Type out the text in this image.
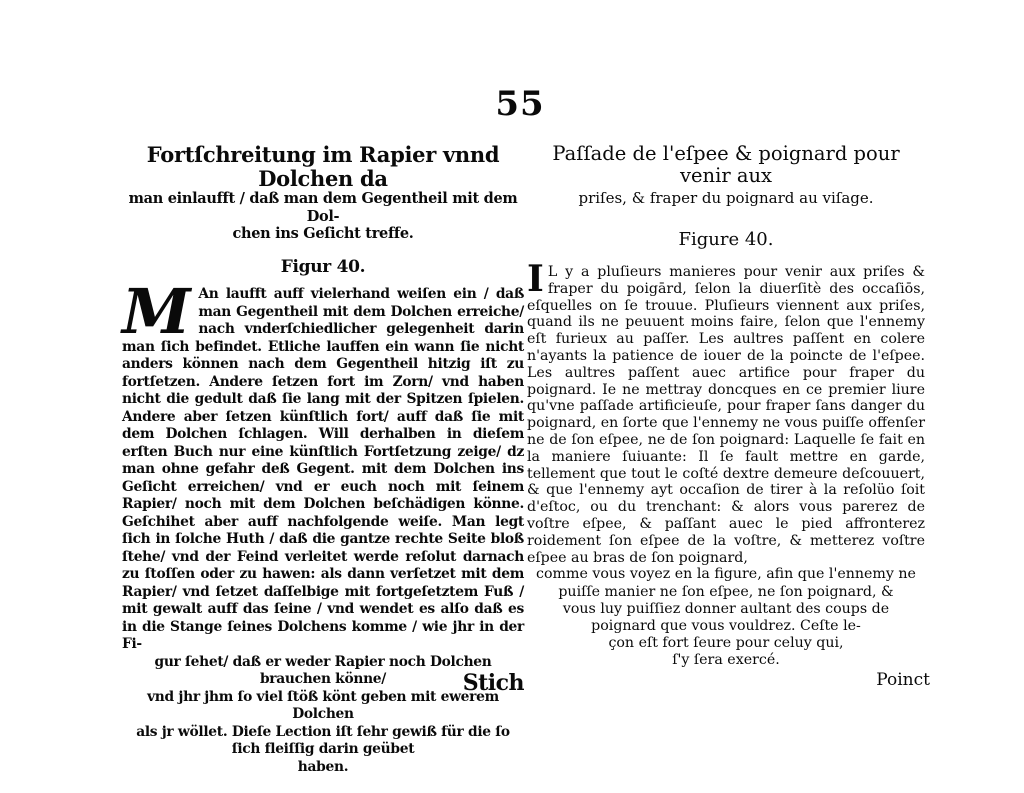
55
Fortſchreitung im Rapier vnnd Dolchen da
man einlaufft / daß man dem Gegentheil mit dem Dol-
chen ins Geſicht treffe.
Figur 40.
M An laufft auff vielerhand weiſen ein / daß man Gegentheil mit dem Dolchen erreiche/ nach vnderſchiedlicher gelegenheit darin man ſich befindet. Etliche lauffen ein wann ſie nicht anders können nach dem Gegentheil hitzig iſt zu fortſetzen. Andere ſetzen fort im Zorn/ vnd haben nicht die gedult daß ſie lang mit der Spitzen ſpielen. Andere aber ſetzen künſtlich fort/ auff daß ſie mit dem Dolchen ſchlagen. Will derhalben in dieſem erſten Buch nur eine künſtlich Fortſetzung zeige/ dz man ohne gefahr deß Gegent. mit dem Dolchen ins Geſicht erreichen/ vnd er euch noch mit ſeinem Rapier/ noch mit dem Dolchen beſchädigen könne. Geſchihet aber auff nachfolgende weiſe. Man legt ſich in ſolche Huth / daß die gantze rechte Seite bloß ſtehe/ vnd der Feind verleitet werde reſolut darnach zu ſtoſſen oder zu hawen: als dann verſetzet mit dem Rapier/ vnd ſetzet daſſelbige mit fortgeſetztem Fuß / mit gewalt auff das ſeine / vnd wendet es alſo daß es in die Stange ſeines Dolchens komme / wie jhr in der Fi-
gur ſehet/ daß er weder Rapier noch Dolchen brauchen könne/
vnd jhr jhm ſo viel ſtöß könt geben mit ewerem Dolchen
als jr wöllet. Dieſe Lection iſt ſehr gewiß für die ſo
ſich fleiſſig darin geübet
haben.
Paſſade de l'eſpee & poignard pour venir aux
priſes, & fraper du poignard au viſage.
Figure 40.
I L y a pluſieurs manieres pour venir aux priſes & fraper du poigārd, ſelon la diuerſitè des occaſiōs, eſquelles on ſe trouue. Pluſieurs viennent aux priſes, quand ils ne peuuent moins faire, ſelon que l'ennemy eſt furieux au paſſer. Les aultres paſſent en colere n'ayants la patience de iouer de la poincte de l'eſpee. Les aultres paſſent auec artifice pour fraper du poignard. Ie ne mettray doncques en ce premier liure qu'vne paſſade artificieuſe, pour fraper ſans danger du poignard, en ſorte que l'ennemy ne vous puiſſe offenſer ne de ſon eſpee, ne de ſon poignard: Laquelle ſe fait en la maniere ſuiuante: Il ſe fault mettre en garde, tellement que tout le coſté dextre demeure deſcouuert, & que l'ennemy ayt occaſion de tirer à la reſolüo ſoit d'eſtoc, ou du trenchant: & alors vous parerez de voſtre eſpee, & paſſant auec le pied affronterez roidement ſon eſpee de la voſtre, & metterez voſtre eſpee au bras de ſon poignard,
comme vous voyez en la figure, afin que l'ennemy ne
puiſſe manier ne ſon eſpee, ne ſon poignard, &
vous luy puiſſiez donner aultant des coups de
poignard que vous vouldrez. Ceſte le-
çon eſt fort ſeure pour celuy qui,
ſ'y ſera exercé.
Stich	Poinct
